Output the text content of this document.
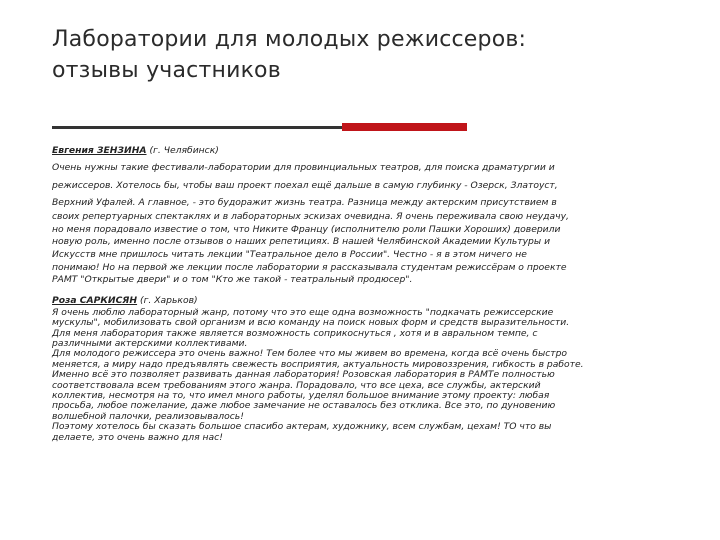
Лаборатории для молодых режиссеров:
отзывы участников
Евгения ЗЕНЗИНА (г. Челябинск)
Очень нужны такие фестивали-лаборатории для провинциальных театров, для поиска драматургии и
режиссеров. Хотелось бы, чтобы ваш проект поехал ещё дальше в самую глубинку - Озерск, Златоуст,
Верхний Уфалей. А главное, - это будоражит жизнь театра. Разница между актерским присутствием в
своих репертуарных спектаклях и в лабораторных эскизах очевидна. Я очень переживала свою неудачу,
но меня порадовало известие о том, что Никите Францу (исполнителю роли Пашки Хороших) доверили
новую роль, именно после отзывов о наших репетициях. В нашей Челябинской Академии Культуры и
Искусств мне пришлось читать лекции "Театральное дело в России". Честно - я в этом ничего не
понимаю! Но на первой же лекции после лаборатории я рассказывала студентам режиссёрам о проекте
РАМТ "Открытые двери" и о том "Кто же такой - театральный продюсер".
Роза САРКИСЯН (г. Харьков)
Я очень люблю лабораторный жанр, потому что это еще одна возможность "подкачать режиссерские
мускулы", мобилизовать свой организм и всю команду на поиск новых форм и средств выразительности.
Для меня лаборатория также является возможность соприкоснуться , хотя и в авральном темпе, с
различными актерскими коллективами.
Для молодого режиссера это очень важно! Тем более что мы живем во времена, когда всё очень быстро
меняется, а миру надо предъявлять свежесть восприятия, актуальность мировоззрения, гибкость в работе.
Именно всё это позволяет развивать данная лаборатория! Розовская лаборатория в РАМТе полностью
соответствовала всем требованиям этого жанра. Порадовало, что все цеха, все службы, актерский
коллектив, несмотря на то, что имел много работы, уделял большое внимание этому проекту: любая
просьба, любое пожелание, даже любое замечание не оставалось без отклика. Все это, по дуновению
волшебной палочки, реализовывалось!
Поэтому хотелось бы сказать большое спасибо актерам, художнику, всем службам, цехам! ТО что вы
делаете, это очень важно для нас!
